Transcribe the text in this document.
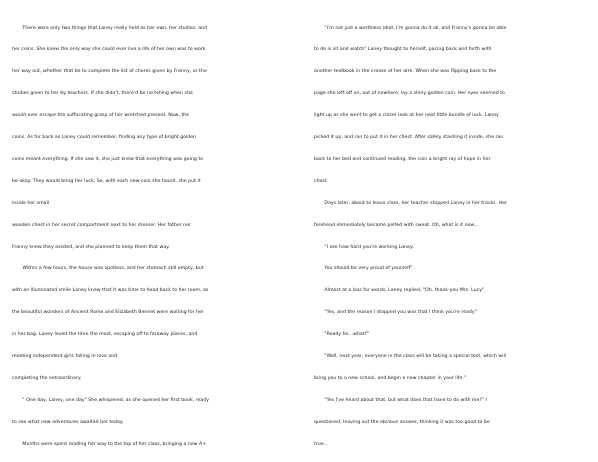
There were only two things that Laney really held as her own, her studies, and

her coins. She knew the only way she could ever live a life of her own was to work

her way out, whether that be to complete the list of chores given by Franny, or the

studies given to her by teachers. If she didn't, there'd be no telling when she

would ever escape the suffocating grasp of her wretched present. Now, the

coins. As for back as Laney could remember, finding any type of bright golden

coins meant everything. If she saw it, she just knew that everything was going to

be okay. They would bring her luck. So, with each new coin she found, she put it

inside her small

wooden chest in her secret compartment next to her dresser. Her father nor

Franny knew they existed, and she planned to keep them that way.

Within a few hours, the house was spotless, and her stomach still empty, but

with an illuminated smile Laney knew that it was time to head back to her room, as

the beautiful wonders of Ancient Rome and Elizabeth Bennet were waiting for her

in her bag. Laney loved the time the most, escaping off to faraway places, and

meeting independent girls falling in love and

completing the extraordinary.

" One day, Laney, one day" She whispered, as she opened her first book, ready

to see what new adventures awaited her today.

Months were spent reading her way to the top of her class, bringing a new A+

"I'm not just a worthless idiot. I'm gonna do it all, and Franny's gonna be able

to do is sit and watch" Laney thought to herself, pacing back and forth with

another textbook in the crease of her arm. When she was flipping back to the

page she left off on, out of nowhere, lay a shiny golden coin. Her eyes seemed to

light up as she went to get a closer look at her next little bundle of luck. Laney

picked it up, and ran to put it in her chest. After safely stashing it inside, she ran

back to her bed and continued reading, the coin a bright ray of hope in her

chest.

Days later, about to leave class, her teacher stopped Laney in her tracks. Her

forehead immediately became pelted with sweat. Oh, what is it now...

"I see how hard you're working Laney.

You should be very proud of yourself"

Almost at a loss for words, Laney replied, "Oh, thank-you Mrs. Lucy"

"Yes, and the reason I stopped you was that I think you're ready"

"Ready for...what?"

"Well, next year, everyone in the class will be taking a special test, which will

bring you to a new school, and begin a new chapter in your life."

"Yes I've heard about that, but what does that have to do with me?" I

questioned, leaving out the obvious answer, thinking it was too good to be

true...
